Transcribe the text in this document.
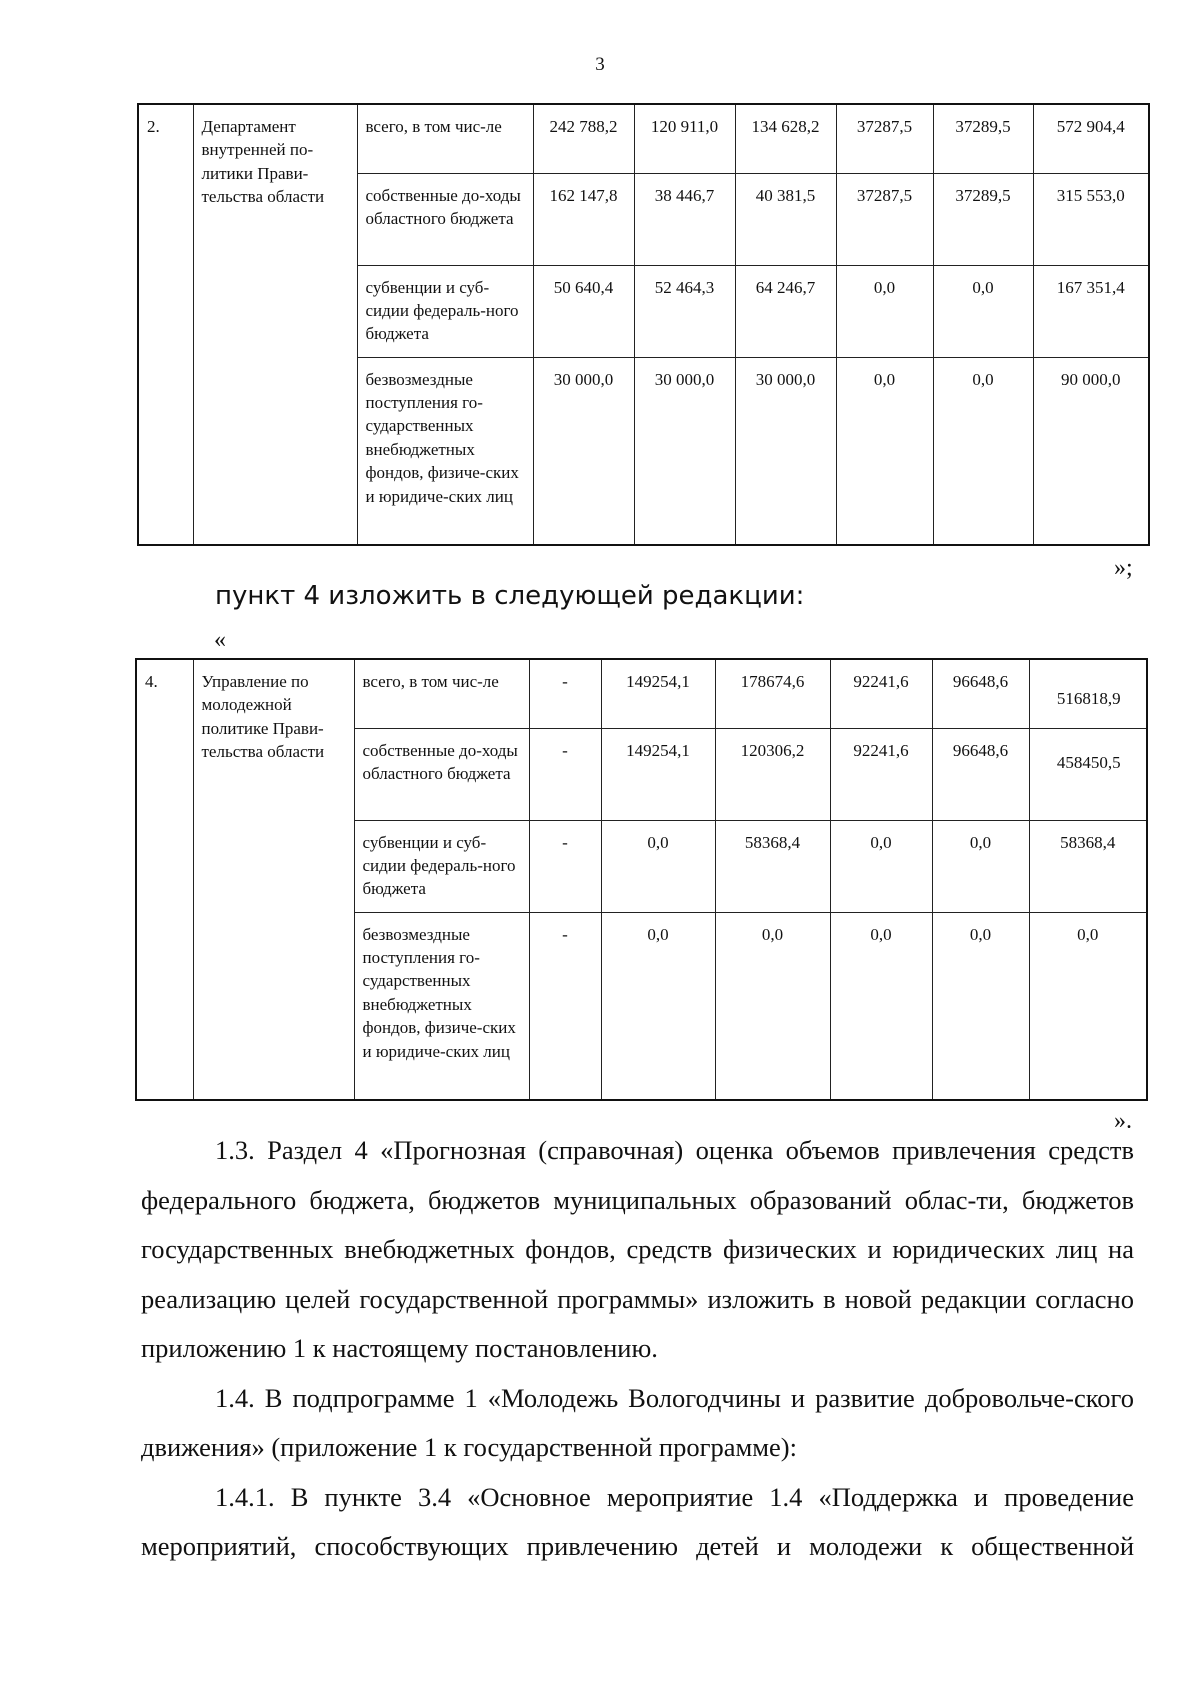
3
2.	Департамент внутренней по-литики Прави-тельства области	всего, в том чис-ле	242 788,2	120 911,0	134 628,2	37287,5	37289,5	572 904,4
		собственные до-ходы областного бюджета	162 147,8	38 446,7	40 381,5	37287,5	37289,5	315 553,0
		субвенции и суб-сидии федераль-ного бюджета	50 640,4	52 464,3	64 246,7	0,0	0,0	167 351,4
		безвозмездные поступления го-сударственных внебюджетных фондов, физиче-ских и юридиче-ских лиц	30 000,0	30 000,0	30 000,0	0,0	0,0	90 000,0
»;
пункт 4 изложить в следующей редакции:
«
4.	Управление по молодежной политике Прави-тельства области	всего, в том чис-ле	-	149254,1	178674,6	92241,6	96648,6	516818,9
		собственные до-ходы областного бюджета	-	149254,1	120306,2	92241,6	96648,6	458450,5
		субвенции и суб-сидии федераль-ного бюджета	-	0,0	58368,4	0,0	0,0	58368,4
		безвозмездные поступления го-сударственных внебюджетных фондов, физиче-ских и юридиче-ских лиц	-	0,0	0,0	0,0	0,0	0,0
».

1.3. Раздел 4 «Прогнозная (справочная) оценка объемов привлечения средств федерального бюджета, бюджетов муниципальных образований облас-ти, бюджетов государственных внебюджетных фондов, средств физических и юридических лиц на реализацию целей государственной программы» изложить в новой редакции согласно приложению 1 к настоящему постановлению.

1.4. В подпрограмме 1 «Молодежь Вологодчины и развитие добровольче-ского движения» (приложение 1 к государственной программе):

1.4.1. В пункте 3.4 «Основное мероприятие 1.4 «Поддержка и проведение мероприятий, способствующих привлечению детей и молодежи к общественной
